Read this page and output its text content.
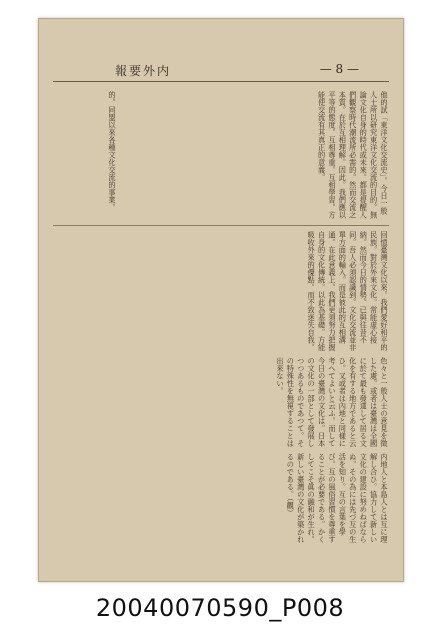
内外要報	— 8 —
他的試「東洋文化交流史」。今日一般人士所以研究東洋文化交流的目的。無論文化自身的時代或未來。都是提醒人們觀察時代潮流所必需的。然而交流之本質。在於互相理解。因此。我們應以平等的態度。互相尊重。互相學習。方能使交流有其真正的意義。
的。同盟以來各種文化交流的事業。
回憶臺灣文化以來。我們愛好和平的民族。對於外來文化。常能虛心接納。然而今日的情勢。已與往昔不同。吾人必須認識到。文化交流並非單方面的輸入。而是彼此的互相溝通。在此意義上。我們更須努力把握自身的文化傳統。以此為基礎。方能吸收外來的優點。而不致迷失自我。
色々と一般人士の意見を徵した處。或者は臺灣は全國に於て最も發達して居る文化を有する地方であると云ひ。又或者は內地と同樣に考へてよいと云ふ。而して今日の臺灣の文化は。日本の文化の一部として發展しつつあるものであつて。その特殊性を無視することは出來ない。
内地人と本島人とは互に理解し合ひ。協力して新しい文化の建設に努めねばならぬ。その為には先づ互の生活を知り。互の言葉を學び。互の風俗習慣を尊重することが必要である。かくしてこそ眞の融和が生れ。新しい臺灣の文化が築かれるのである。（觀）
20040070590_P008
